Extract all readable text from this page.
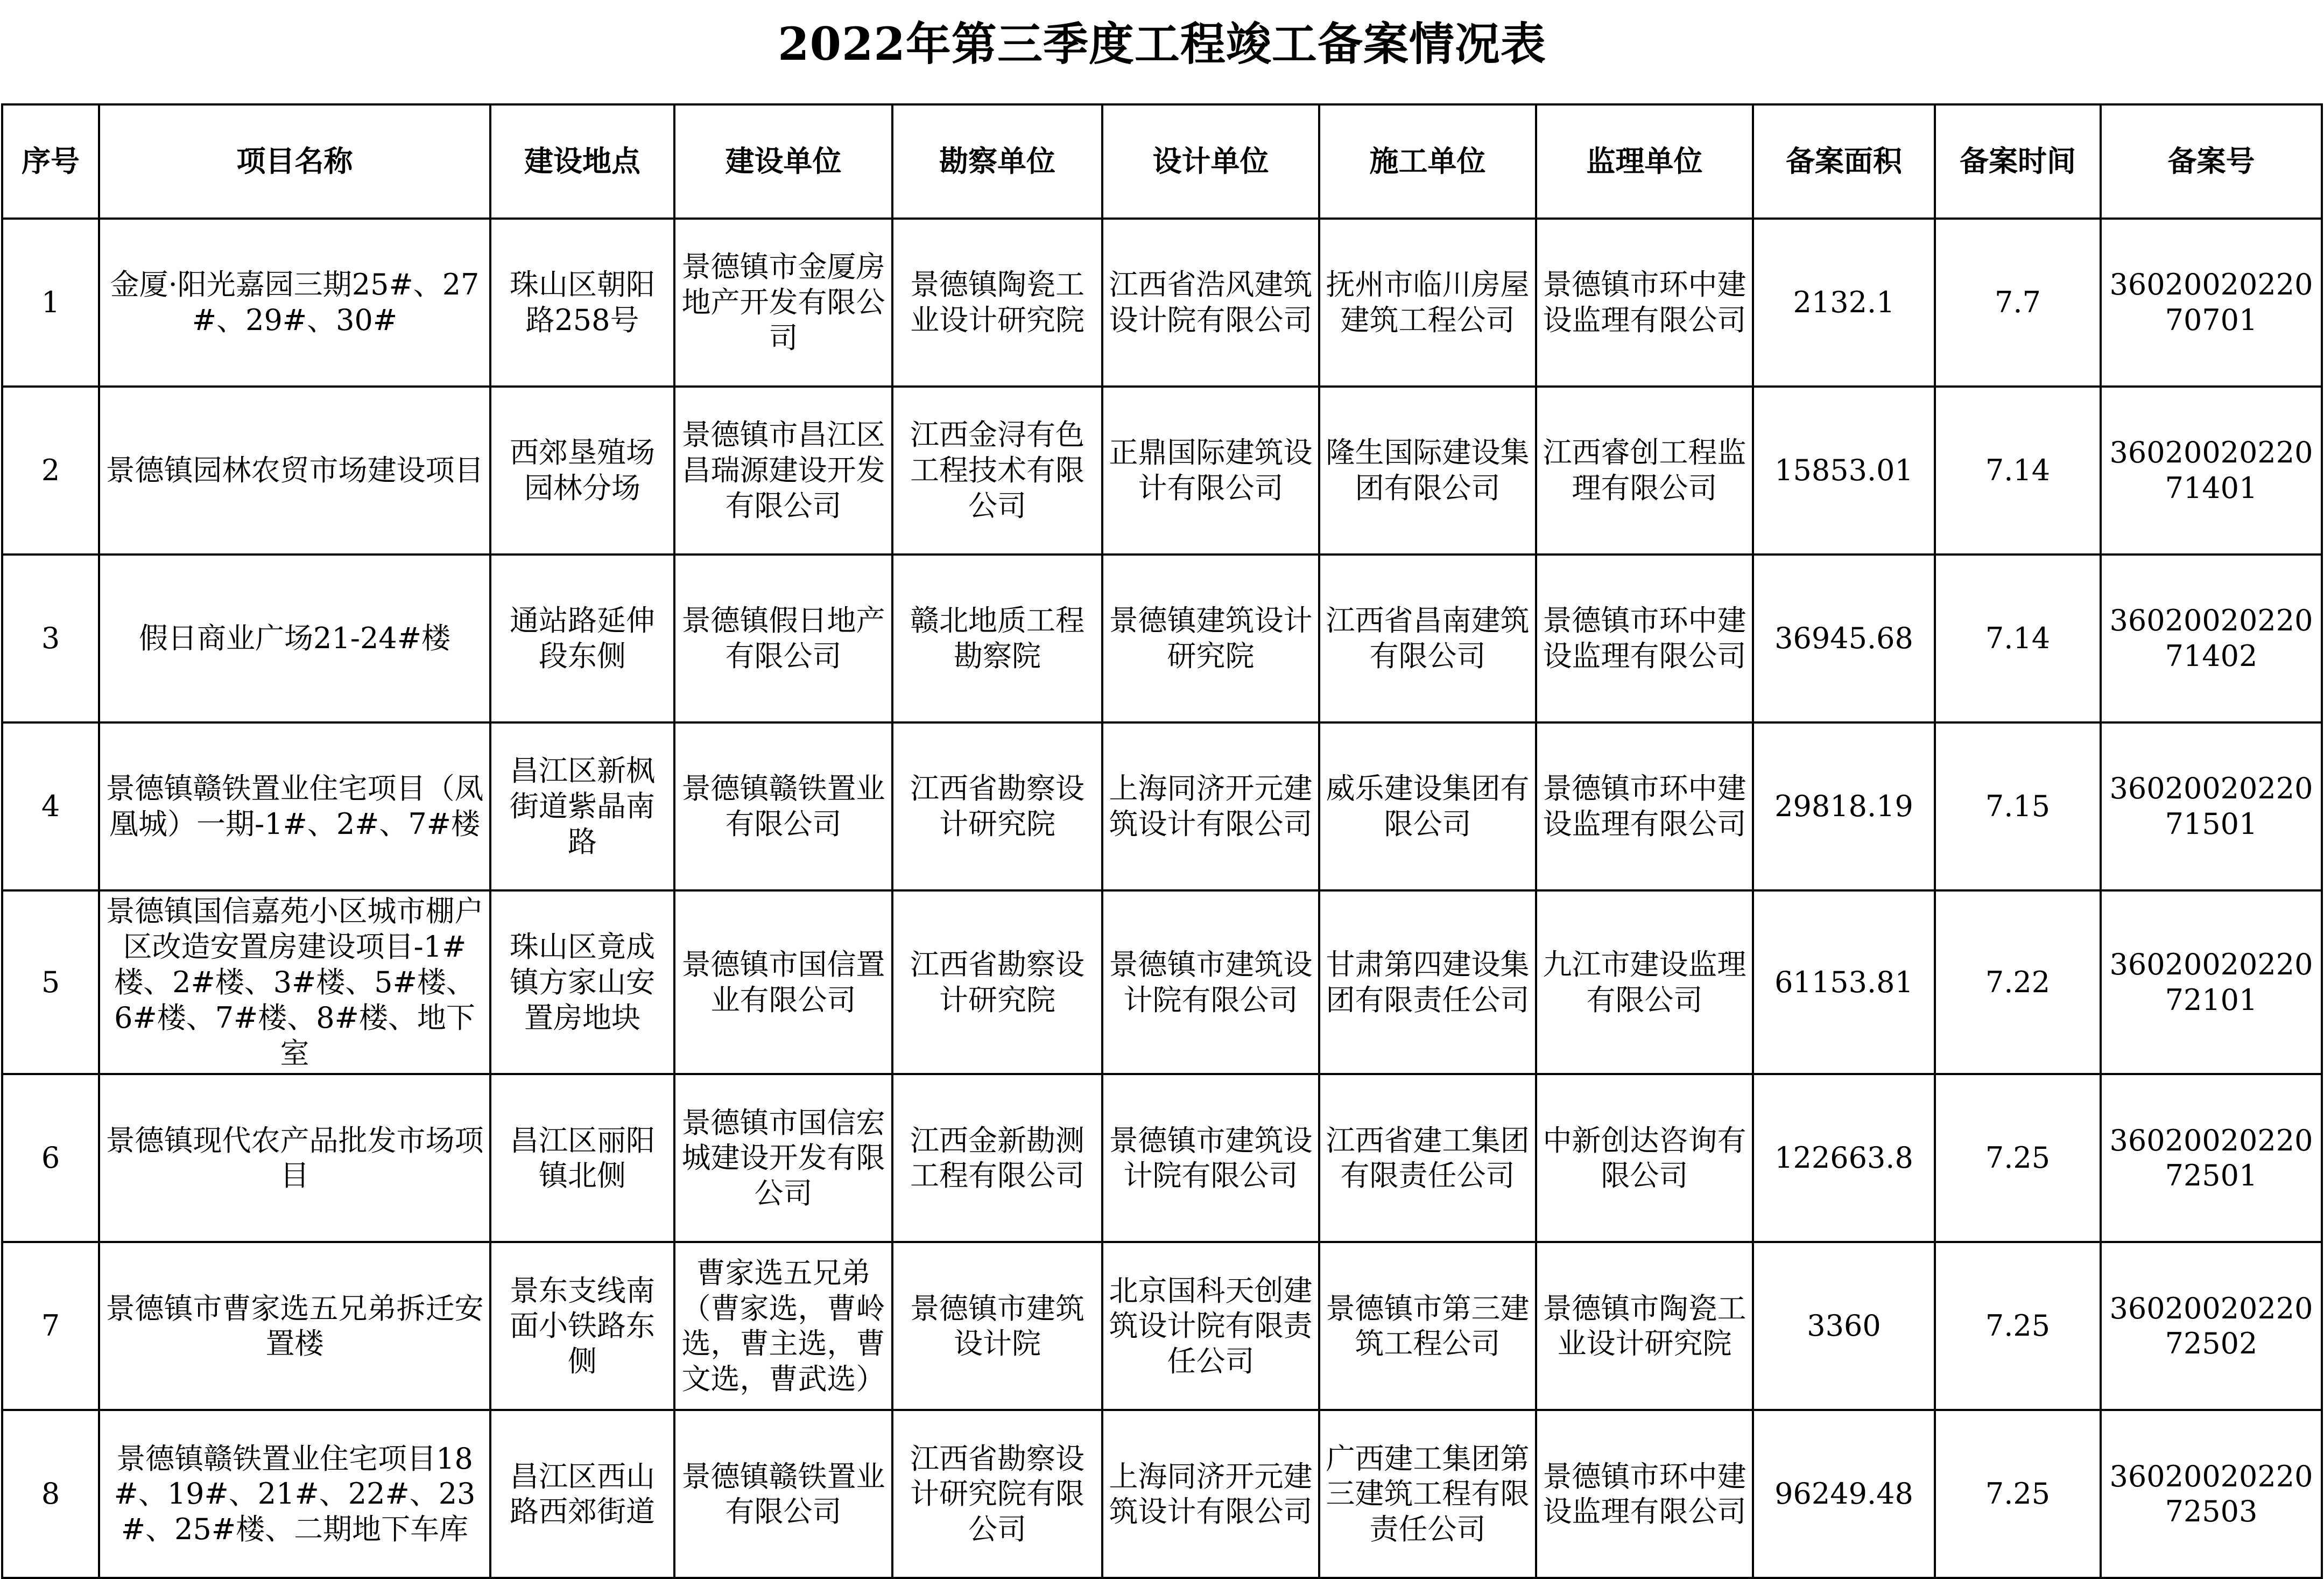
2022年第三季度工程竣工备案情况表
序号	项目名称	建设地点	建设单位	勘察单位	设计单位	施工单位	监理单位	备案面积	备案时间	备案号
1	金厦·阳光嘉园三期25#、27#、29#、30#	珠山区朝阳路258号	景德镇市金厦房地产开发有限公司	景德镇陶瓷工业设计研究院	江西省浩风建筑设计院有限公司	抚州市临川房屋建筑工程公司	景德镇市环中建设监理有限公司	2132.1	7.7	3602002022070701
2	景德镇园林农贸市场建设项目	西郊垦殖场园林分场	景德镇市昌江区昌瑞源建设开发有限公司	江西金浔有色工程技术有限公司	正鼎国际建筑设计有限公司	隆生国际建设集团有限公司	江西睿创工程监理有限公司	15853.01	7.14	3602002022071401
3	假日商业广场21-24#楼	通站路延伸段东侧	景德镇假日地产有限公司	赣北地质工程勘察院	景德镇建筑设计研究院	江西省昌南建筑有限公司	景德镇市环中建设监理有限公司	36945.68	7.14	3602002022071402
4	景德镇赣铁置业住宅项目（凤凰城）一期-1#、2#、7#楼	昌江区新枫街道紫晶南路	景德镇赣铁置业有限公司	江西省勘察设计研究院	上海同济开元建筑设计有限公司	威乐建设集团有限公司	景德镇市环中建设监理有限公司	29818.19	7.15	3602002022071501
5	景德镇国信嘉苑小区城市棚户区改造安置房建设项目-1#楼、2#楼、3#楼、5#楼、6#楼、7#楼、8#楼、地下室	珠山区竟成镇方家山安置房地块	景德镇市国信置业有限公司	江西省勘察设计研究院	景德镇市建筑设计院有限公司	甘肃第四建设集团有限责任公司	九江市建设监理有限公司	61153.81	7.22	3602002022072101
6	景德镇现代农产品批发市场项目	昌江区丽阳镇北侧	景德镇市国信宏城建设开发有限公司	江西金新勘测工程有限公司	景德镇市建筑设计院有限公司	江西省建工集团有限责任公司	中新创达咨询有限公司	122663.8	7.25	3602002022072501
7	景德镇市曹家选五兄弟拆迁安置楼	景东支线南面小铁路东侧	曹家选五兄弟（曹家选，曹岭选，曹主选，曹文选，曹武选）	景德镇市建筑设计院	北京国科天创建筑设计院有限责任公司	景德镇市第三建筑工程公司	景德镇市陶瓷工业设计研究院	3360	7.25	3602002022072502
8	景德镇赣铁置业住宅项目18#、19#、21#、22#、23#、25#楼、二期地下车库	昌江区西山路西郊街道	景德镇赣铁置业有限公司	江西省勘察设计研究院有限公司	上海同济开元建筑设计有限公司	广西建工集团第三建筑工程有限责任公司	景德镇市环中建设监理有限公司	96249.48	7.25	3602002022072503
